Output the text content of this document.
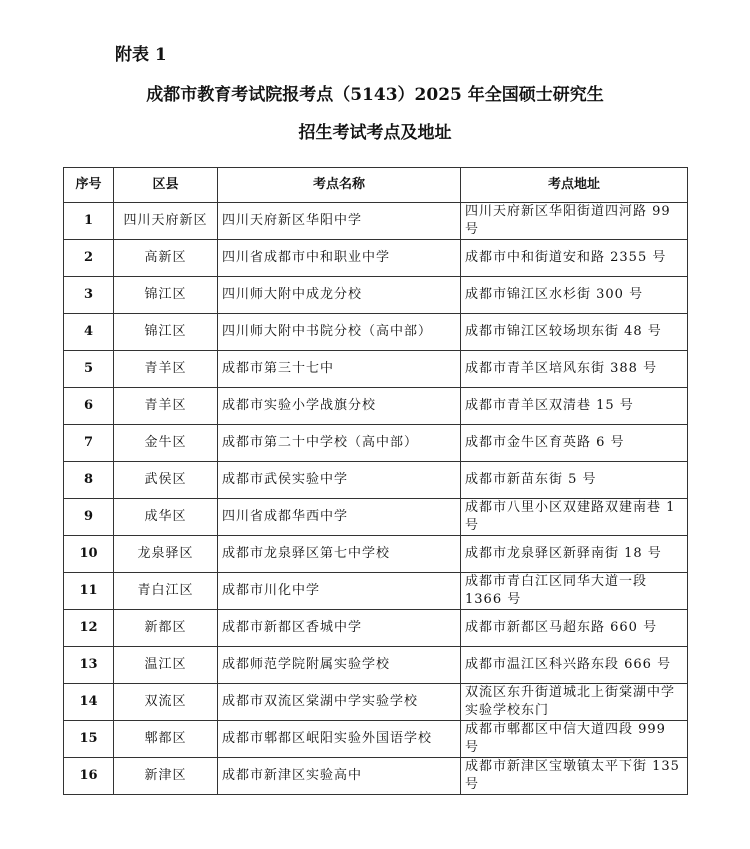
附表 1
成都市教育考试院报考点（5143）2025 年全国硕士研究生
招生考试考点及地址
序号	区县	考点名称	考点地址
1	四川天府新区	四川天府新区华阳中学	四川天府新区华阳街道四河路 99 号
2	高新区	四川省成都市中和职业中学	成都市中和街道安和路 2355 号
3	锦江区	四川师大附中成龙分校	成都市锦江区水杉街 300 号
4	锦江区	四川师大附中书院分校（高中部）	成都市锦江区较场坝东街 48 号
5	青羊区	成都市第三十七中	成都市青羊区培风东街 388 号
6	青羊区	成都市实验小学战旗分校	成都市青羊区双清巷 15 号
7	金牛区	成都市第二十中学校（高中部）	成都市金牛区育英路 6 号
8	武侯区	成都市武侯实验中学	成都市新苗东街 5 号
9	成华区	四川省成都华西中学	成都市八里小区双建路双建南巷 1 号
10	龙泉驿区	成都市龙泉驿区第七中学校	成都市龙泉驿区新驿南街 18 号
11	青白江区	成都市川化中学	成都市青白江区同华大道一段 1366 号
12	新都区	成都市新都区香城中学	成都市新都区马超东路 660 号
13	温江区	成都师范学院附属实验学校	成都市温江区科兴路东段 666 号
14	双流区	成都市双流区棠湖中学实验学校	双流区东升街道城北上街棠湖中学实验学校东门
15	郫都区	成都市郫都区岷阳实验外国语学校	成都市郫都区中信大道四段 999 号
16	新津区	成都市新津区实验高中	成都市新津区宝墩镇太平下街 135 号
